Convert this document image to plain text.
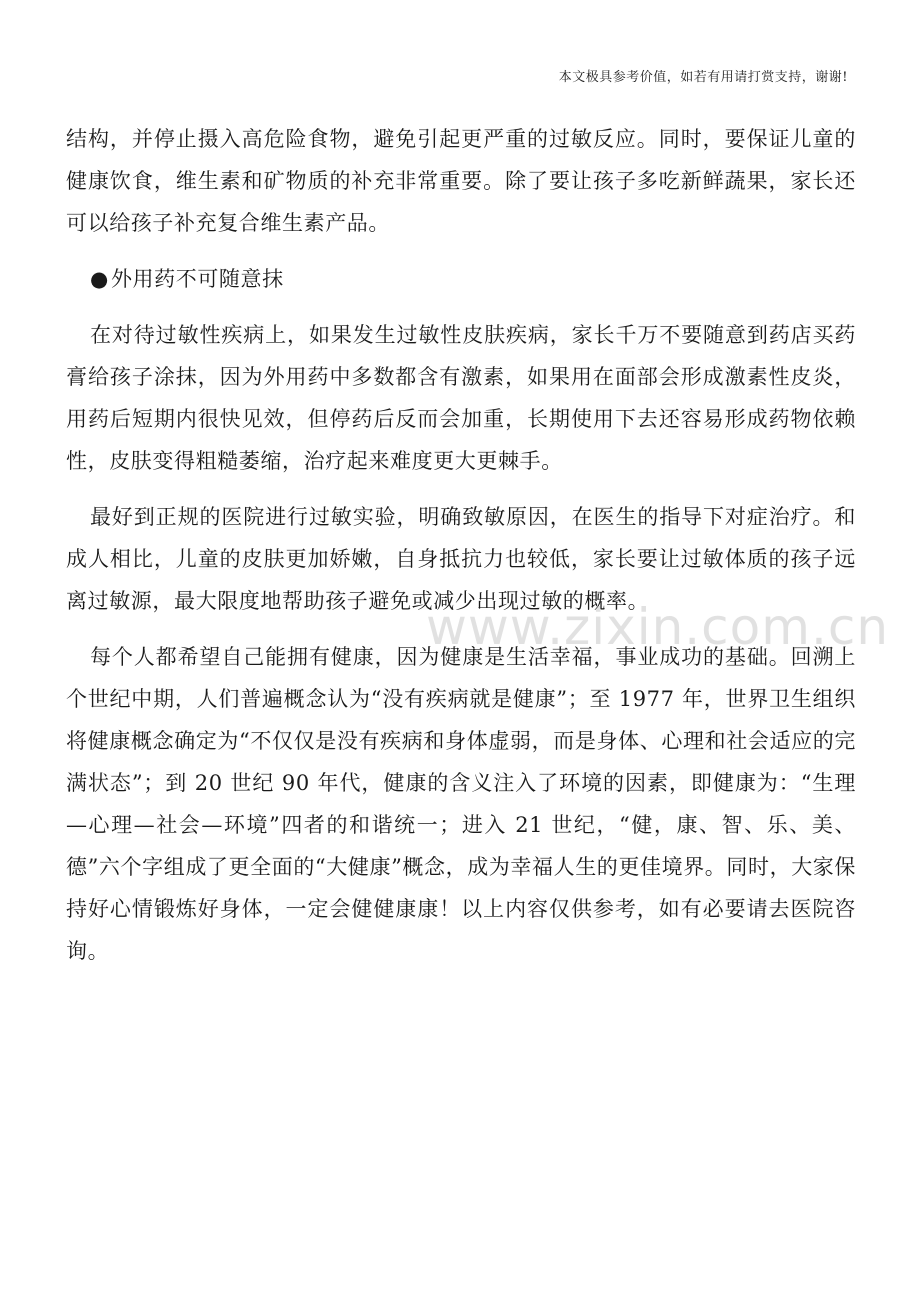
本文极具参考价值，如若有用请打赏支持，谢谢!

结构，并停止摄入高危险食物，避免引起更严重的过敏反应。同时，要保证儿童的健康饮食，维生素和矿物质的补充非常重要。除了要让孩子多吃新鲜蔬果，家长还可以给孩子补充复合维生素产品。

●外用药不可随意抹

在对待过敏性疾病上，如果发生过敏性皮肤疾病，家长千万不要随意到药店买药膏给孩子涂抹，因为外用药中多数都含有激素，如果用在面部会形成激素性皮炎，用药后短期内很快见效，但停药后反而会加重，长期使用下去还容易形成药物依赖性，皮肤变得粗糙萎缩，治疗起来难度更大更棘手。

最好到正规的医院进行过敏实验，明确致敏原因，在医生的指导下对症治疗。和成人相比，儿童的皮肤更加娇嫩，自身抵抗力也较低，家长要让过敏体质的孩子远离过敏源，最大限度地帮助孩子避免或减少出现过敏的概率。

每个人都希望自己能拥有健康，因为健康是生活幸福，事业成功的基础。回溯上个世纪中期，人们普遍概念认为“没有疾病就是健康”；至 1977 年，世界卫生组织将健康概念确定为“不仅仅是没有疾病和身体虚弱，而是身体、心理和社会适应的完满状态”；到 20 世纪 90 年代，健康的含义注入了环境的因素，即健康为：“生理—心理—社会—环境”四者的和谐统一；进入 21 世纪，“健，康、智、乐、美、德”六个字组成了更全面的“大健康”概念，成为幸福人生的更佳境界。同时，大家保持好心情锻炼好身体，一定会健健康康！以上内容仅供参考，如有必要请去医院咨询。

www.zixin.com.cn
